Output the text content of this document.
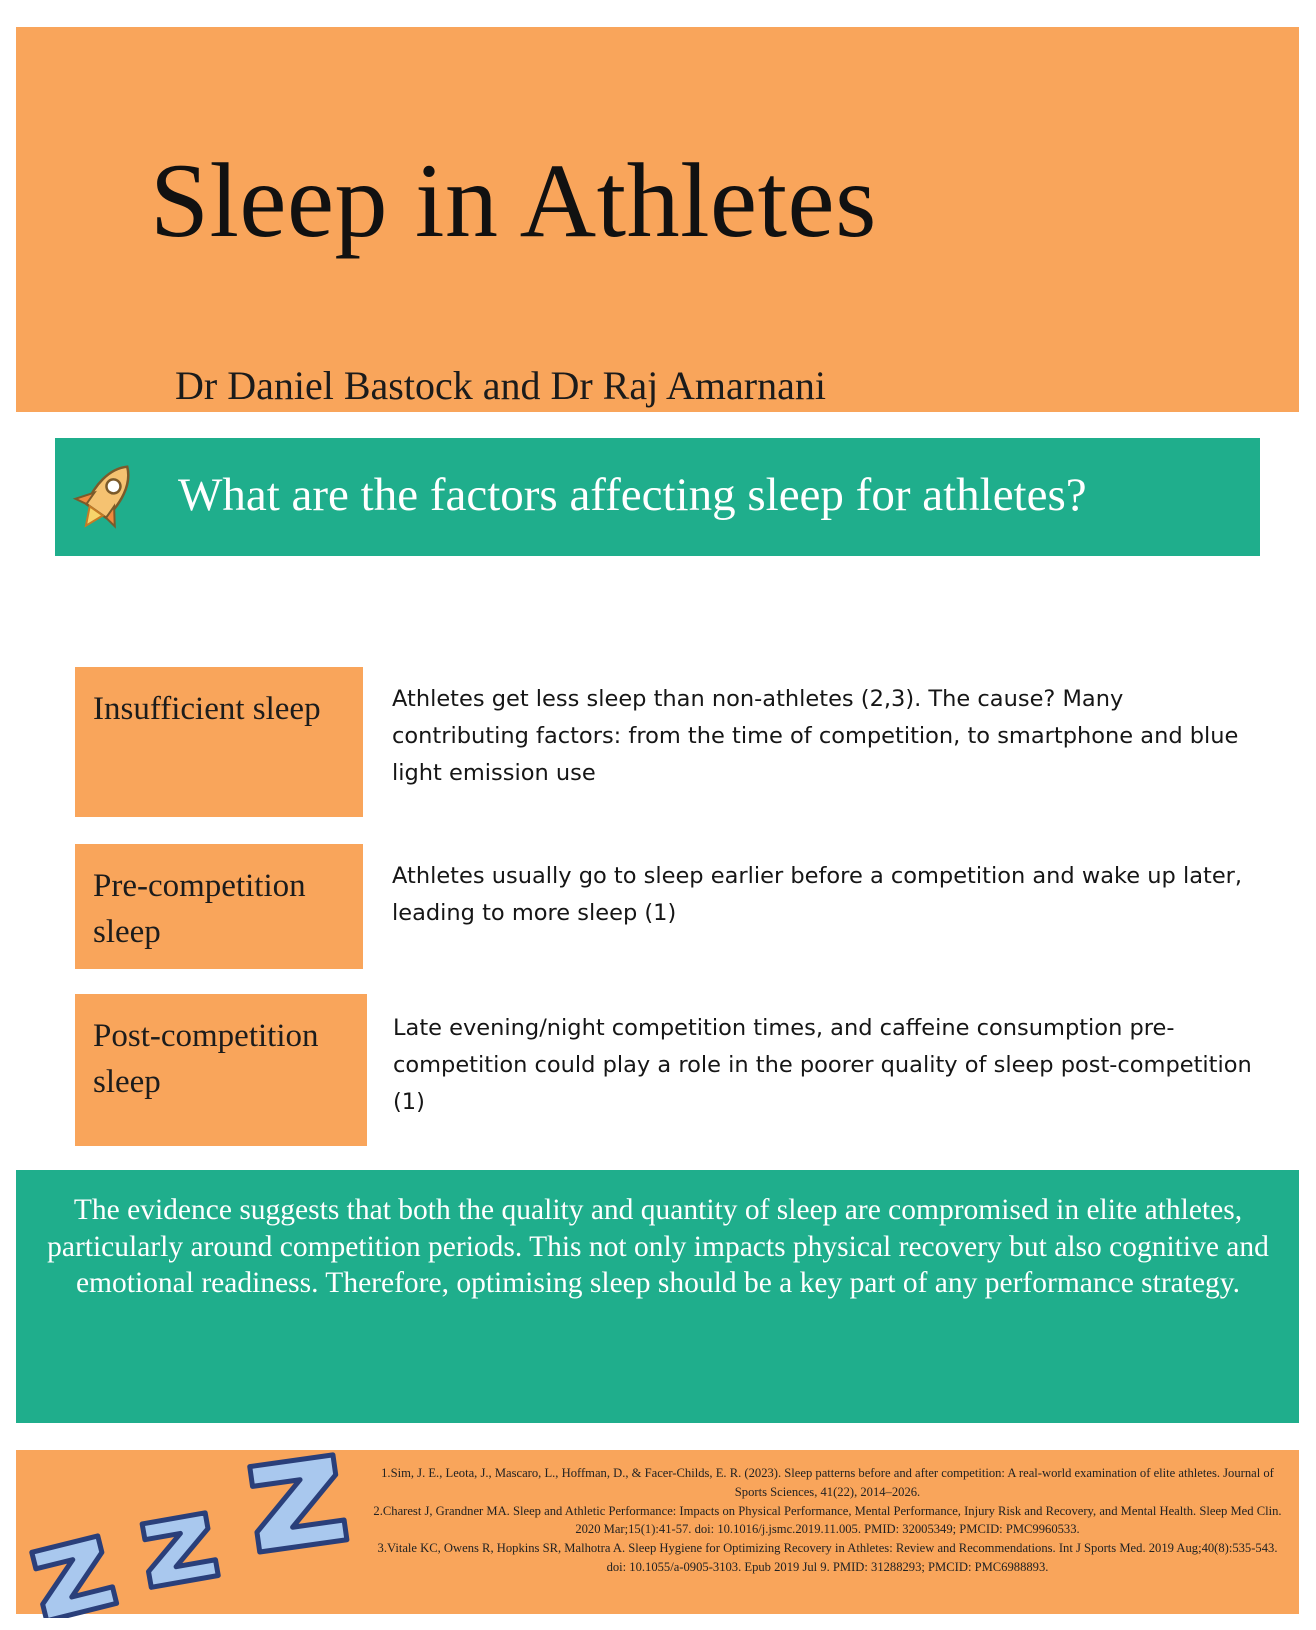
Sleep in Athletes
Dr Daniel Bastock and Dr Raj Amarnani
What are the factors affecting sleep for athletes?
Insufficient sleep	Athletes get less sleep than non-athletes (2,3). The cause? Many contributing factors: from the time of competition, to smartphone and blue light emission use
Pre-competition sleep
Athletes usually go to sleep earlier before a competition and wake up later, leading to more sleep (1)
Post-competition sleep
Late evening/night competition times, and caffeine consumption pre-competition could play a role in the poorer quality of sleep post-competition (1)
The evidence suggests that both the quality and quantity of sleep are compromised in elite athletes, particularly around competition periods. This not only impacts physical recovery but also cognitive and emotional readiness. Therefore, optimising sleep should be a key part of any performance strategy.
1.Sim, J. E., Leota, J., Mascaro, L., Hoffman, D., & Facer-Childs, E. R. (2023). Sleep patterns before and after competition: A real-world examination of elite athletes. Journal of Sports Sciences, 41(22), 2014–2026.
2.Charest J, Grandner MA. Sleep and Athletic Performance: Impacts on Physical Performance, Mental Performance, Injury Risk and Recovery, and Mental Health. Sleep Med Clin. 2020 Mar;15(1):41-57. doi: 10.1016/j.jsmc.2019.11.005. PMID: 32005349; PMCID: PMC9960533.
3.Vitale KC, Owens R, Hopkins SR, Malhotra A. Sleep Hygiene for Optimizing Recovery in Athletes: Review and Recommendations. Int J Sports Med. 2019 Aug;40(8):535-543. doi: 10.1055/a-0905-3103. Epub 2019 Jul 9. PMID: 31288293; PMCID: PMC6988893.
